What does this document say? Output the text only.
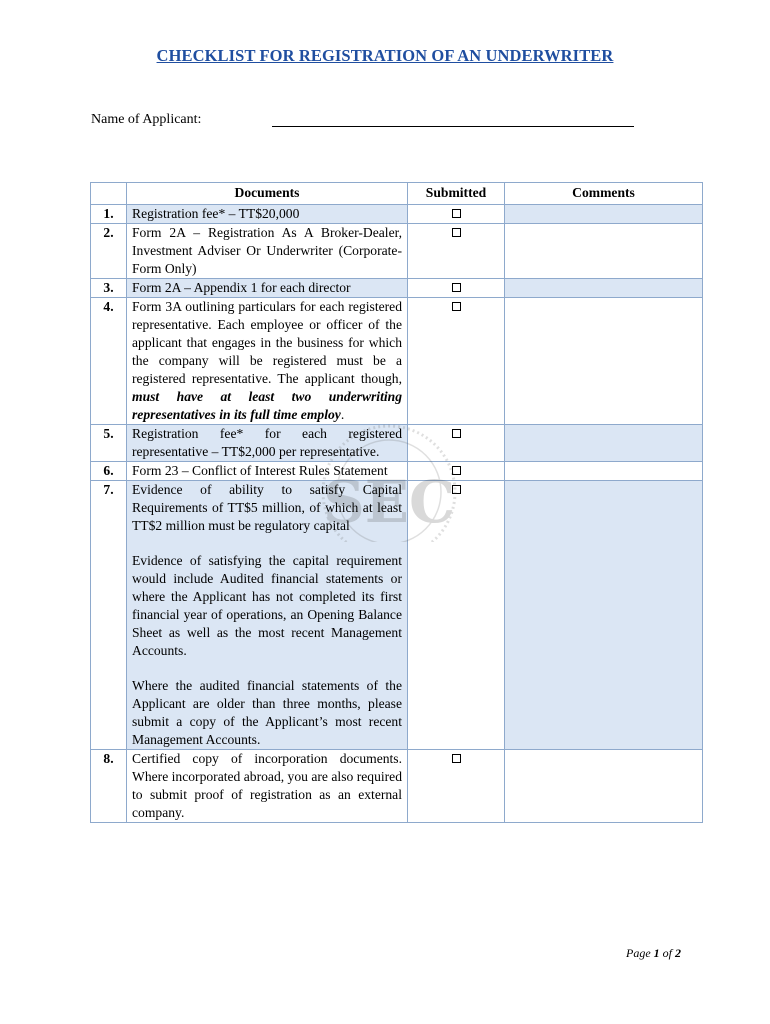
CHECKLIST FOR REGISTRATION OF AN UNDERWRITER
Name of Applicant:
	Documents	Submitted	Comments
1.	Registration fee* – TT$20,000		

2.	Form 2A – Registration As A Broker-Dealer, Investment Adviser Or Underwriter (Corporate-Form Only)		

3.	Form 2A – Appendix 1 for each director		

4.	Form 3A outlining particulars for each registered representative. Each employee or officer of the applicant that engages in the business for which the company will be registered must be a registered representative. The applicant though, must have at least two underwriting representatives in its full time employ.		

5.	Registration fee* for each registered representative – TT$2,000 per representative.		

6.	Form 23 – Conflict of Interest Rules Statement		

7.	Evidence of ability to satisfy Capital Requirements of TT$5 million, of which at least TT$2 million must be regulatory capital
Evidence of satisfying the capital requirement would include Audited financial statements or where the Applicant has not completed its first financial year of operations, an Opening Balance Sheet as well as the most recent Management Accounts.
Where the audited financial statements of the Applicant are older than three months, please submit a copy of the Applicant’s most recent Management Accounts.		

8.	Certified copy of incorporation documents. Where incorporated abroad, you are also required to submit proof of registration as an external company.		

Page 1 of 2
